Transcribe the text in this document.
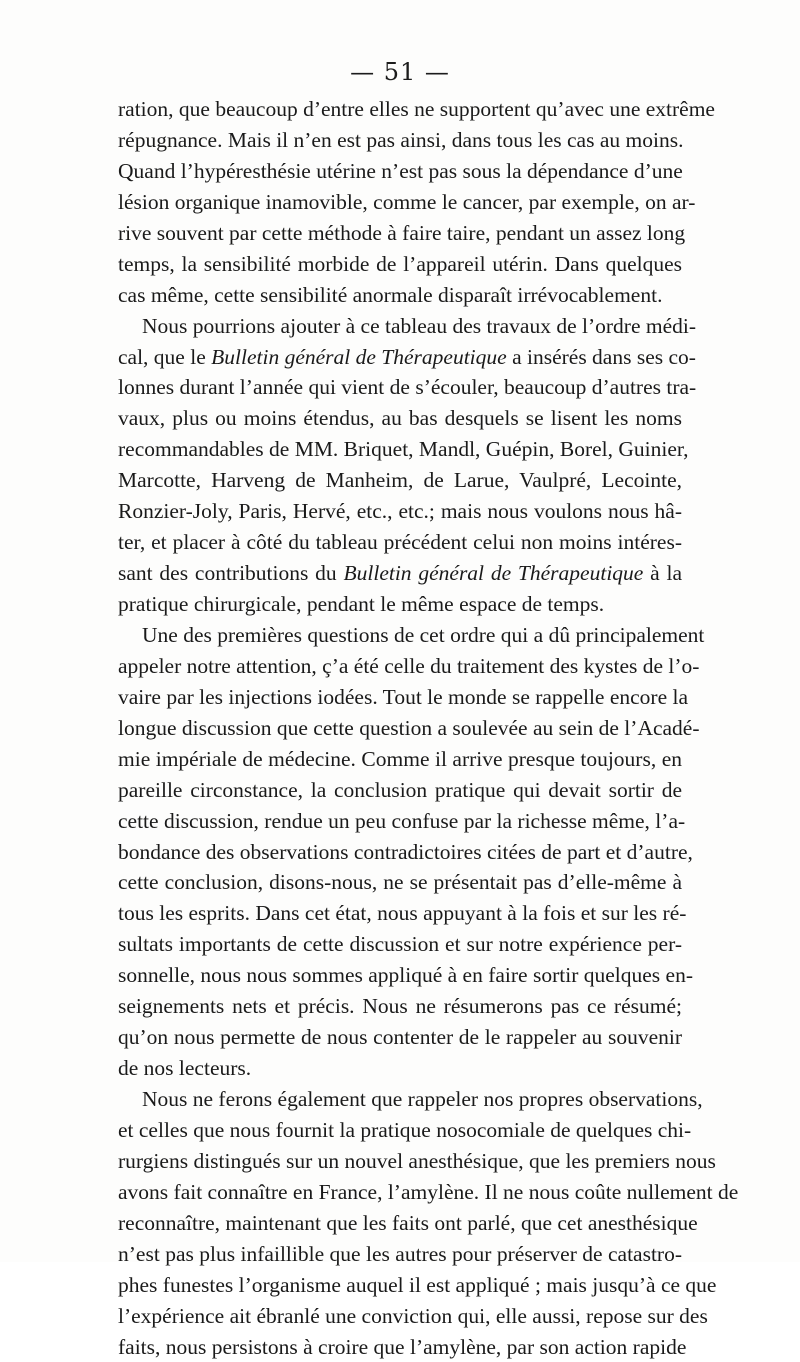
— 51 —
ration, que beaucoup d’entre elles ne supportent qu’avec une extrême
répugnance. Mais il n’en est pas ainsi, dans tous les cas au moins.
Quand l’hypéresthésie utérine n’est pas sous la dépendance d’une
lésion organique inamovible, comme le cancer, par exemple, on ar-
rive souvent par cette méthode à faire taire, pendant un assez long
temps, la sensibilité morbide de l’appareil utérin. Dans quelques
cas même, cette sensibilité anormale disparaît irrévocablement.
Nous pourrions ajouter à ce tableau des travaux de l’ordre médi-
cal, que le Bulletin général de Thérapeutique a insérés dans ses co-
lonnes durant l’année qui vient de s’écouler, beaucoup d’autres tra-
vaux, plus ou moins étendus, au bas desquels se lisent les noms
recommandables de MM. Briquet, Mandl, Guépin, Borel, Guinier,
Marcotte, Harveng de Manheim, de Larue, Vaulpré, Lecointe,
Ronzier-Joly, Paris, Hervé, etc., etc.; mais nous voulons nous hâ-
ter, et placer à côté du tableau précédent celui non moins intéres-
sant des contributions du Bulletin général de Thérapeutique à la
pratique chirurgicale, pendant le même espace de temps.
Une des premières questions de cet ordre qui a dû principalement
appeler notre attention, ç’a été celle du traitement des kystes de l’o-
vaire par les injections iodées. Tout le monde se rappelle encore la
longue discussion que cette question a soulevée au sein de l’Acadé-
mie impériale de médecine. Comme il arrive presque toujours, en
pareille circonstance, la conclusion pratique qui devait sortir de
cette discussion, rendue un peu confuse par la richesse même, l’a-
bondance des observations contradictoires citées de part et d’autre,
cette conclusion, disons-nous, ne se présentait pas d’elle-même à
tous les esprits. Dans cet état, nous appuyant à la fois et sur les ré-
sultats importants de cette discussion et sur notre expérience per-
sonnelle, nous nous sommes appliqué à en faire sortir quelques en-
seignements nets et précis. Nous ne résumerons pas ce résumé;
qu’on nous permette de nous contenter de le rappeler au souvenir
de nos lecteurs.
Nous ne ferons également que rappeler nos propres observations,
et celles que nous fournit la pratique nosocomiale de quelques chi-
rurgiens distingués sur un nouvel anesthésique, que les premiers nous
avons fait connaître en France, l’amylène. Il ne nous coûte nullement de
reconnaître, maintenant que les faits ont parlé, que cet anesthésique
n’est pas plus infaillible que les autres pour préserver de catastro-
phes funestes l’organisme auquel il est appliqué ; mais jusqu’à ce que
l’expérience ait ébranlé une conviction qui, elle aussi, repose sur des
faits, nous persistons à croire que l’amylène, par son action rapide
